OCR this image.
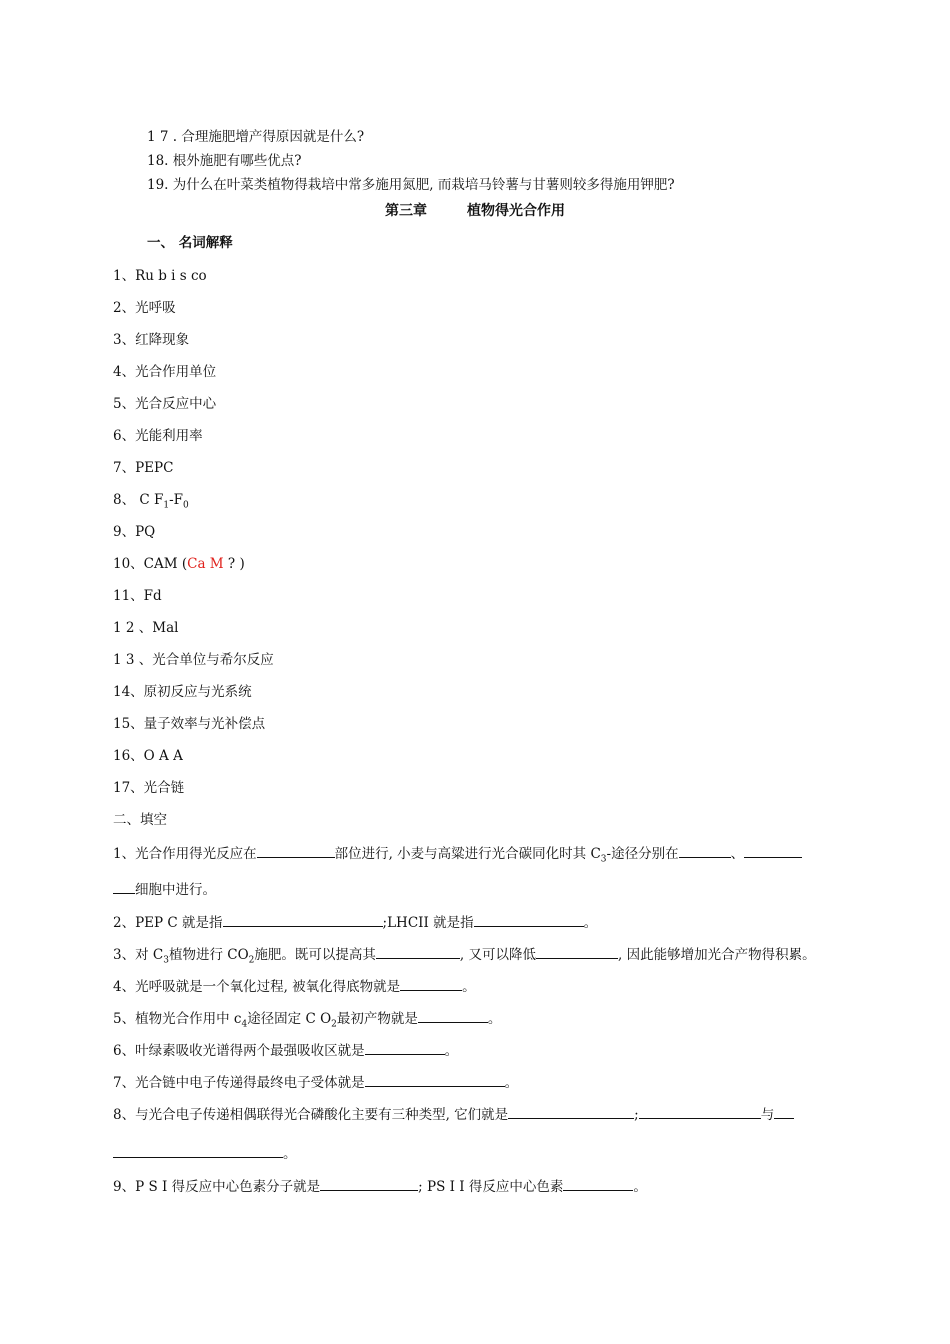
1 7 . 合理施肥增产得原因就是什么?
18. 根外施肥有哪些优点?
19. 为什么在叶菜类植物得栽培中常多施用氮肥, 而栽培马铃薯与甘薯则较多得施用钾肥?
第三章	植物得光合作用
一、 名词解释
1、Ru b i s co
2、光呼吸
3、红降现象
4、光合作用单位
5、光合反应中心
6、光能利用率
7、PEPC
8、 C $F_1-F_0$
9、PQ
10、CAM (Ca M ? )
11、Fd
1 2 、Mal
1 3 、光合单位与希尔反应
14、原初反应与光系统
15、量子效率与光补偿点
16、O A A
17、光合链
二、填空
1、光合作用得光反应在	部位进行, 小麦与高粱进行光合碳同化时其 $C_3-$途径分别在	、
细胞中进行。
2、PEP C 就是指	;LHCII 就是指	。
3、对 $C_3$植物进行 $CO_2$施肥。既可以提高其	, 又可以降低	, 因此能够增加光合产物得积累。
4、光呼吸就是一个氧化过程, 被氧化得底物就是	。
5、植物光合作用中 $c_4$途径固定 C $O_2$最初产物就是	。
6、叶绿素吸收光谱得两个最强吸收区就是	。
7、光合链中电子传递得最终电子受体就是	。
8、与光合电子传递相偶联得光合磷酸化主要有三种类型, 它们就是	;	与
。
9、P S I 得反应中心色素分子就是	; PS I I 得反应中心色素	。
